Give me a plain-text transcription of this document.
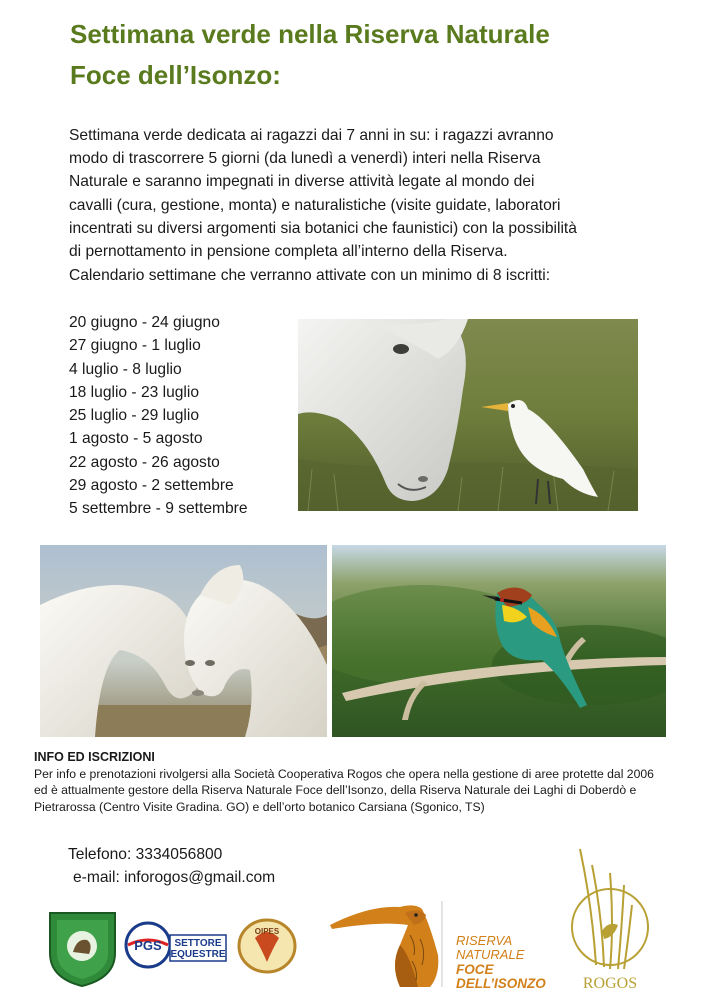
Settimana verde nella Riserva Naturale
Foce dell’Isonzo:
Settimana verde dedicata ai ragazzi dai 7 anni in su: i ragazzi avranno
modo di trascorrere 5 giorni (da lunedì a venerdì) interi nella Riserva
Naturale e saranno impegnati in diverse attività legate al mondo dei
cavalli (cura, gestione, monta) e naturalistiche (visite guidate, laboratori
incentrati su diversi argomenti sia botanici che faunistici) con la possibilità
di pernottamento in pensione completa all’interno della Riserva.
Calendario settimane che verranno attivate con un minimo di 8 iscritti:
20 giugno - 24 giugno
27 giugno - 1 luglio
4 luglio - 8 luglio
18 luglio - 23 luglio
25 luglio - 29 luglio
1 agosto - 5 agosto
22 agosto - 26 agosto
29 agosto - 2 settembre
5 settembre - 9 settembre
INFO ED ISCRIZIONI
Per info e prenotazioni rivolgersi alla Società Cooperativa Rogos che opera nella gestione di aree protette dal 2006 ed è attualmente gestore della Riserva Naturale Foce dell’Isonzo, della Riserva Naturale dei Laghi di Doberdò e Pietrarossa (Centro Visite Gradina. GO) e dell’orto botanico Carsiana (Sgonico, TS)
Telefono: 3334056800
e-mail: inforogos@gmail.com
PGS SETTORE
EQUESTRE
OIPES
RISERVA
NATURALE
FOCE
DELL’ISONZO ROGOS
